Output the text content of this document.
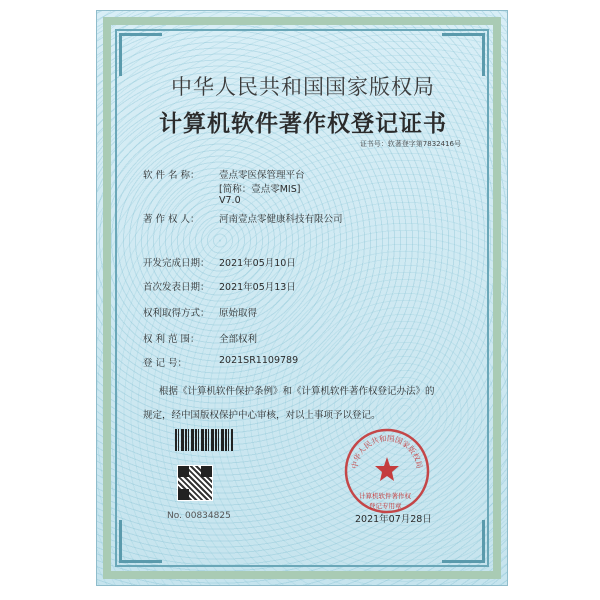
中华人民共和国国家版权局
计算机软件著作权登记证书
证书号：软著登字第7832416号
软 件 名 称： 壹点零医保管理平台
[简称：壹点零MIS]
V7.0
著 作 权 人： 河南壹点零健康科技有限公司
开发完成日期： 2021年05月10日
首次发表日期： 2021年05月13日
权利取得方式： 原始取得
权 利 范 围： 全部权利
登 记 号：	2021SR1109789
根据《计算机软件保护条例》和《计算机软件著作权登记办法》的
规定，经中国版权保护中心审核，对以上事项予以登记。
No. 00834825
中华人民共和国国家版权局
计算机软件著作权
登记专用章
2021年07月28日
